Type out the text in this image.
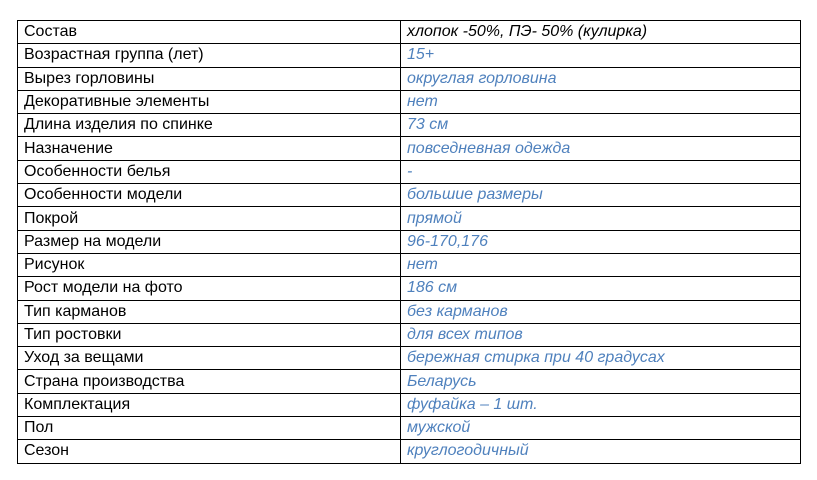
Состав	хлопок -50%, ПЭ- 50% (кулирка)
Возрастная группа (лет)	15+
Вырез горловины	округлая горловина
Декоративные элементы	нет
Длина изделия по спинке	73 см
Назначение	повседневная одежда
Особенности белья	-
Особенности модели	большие размеры
Покрой	прямой
Размер на модели	96-170,176
Рисунок	нет
Рост модели на фото	186 см
Тип карманов	без карманов
Тип ростовки	для всех типов
Уход за вещами	бережная стирка при 40 градусах
Страна производства	Беларусь
Комплектация	фуфайка – 1 шт.
Пол	мужской
Сезон	круглогодичный
